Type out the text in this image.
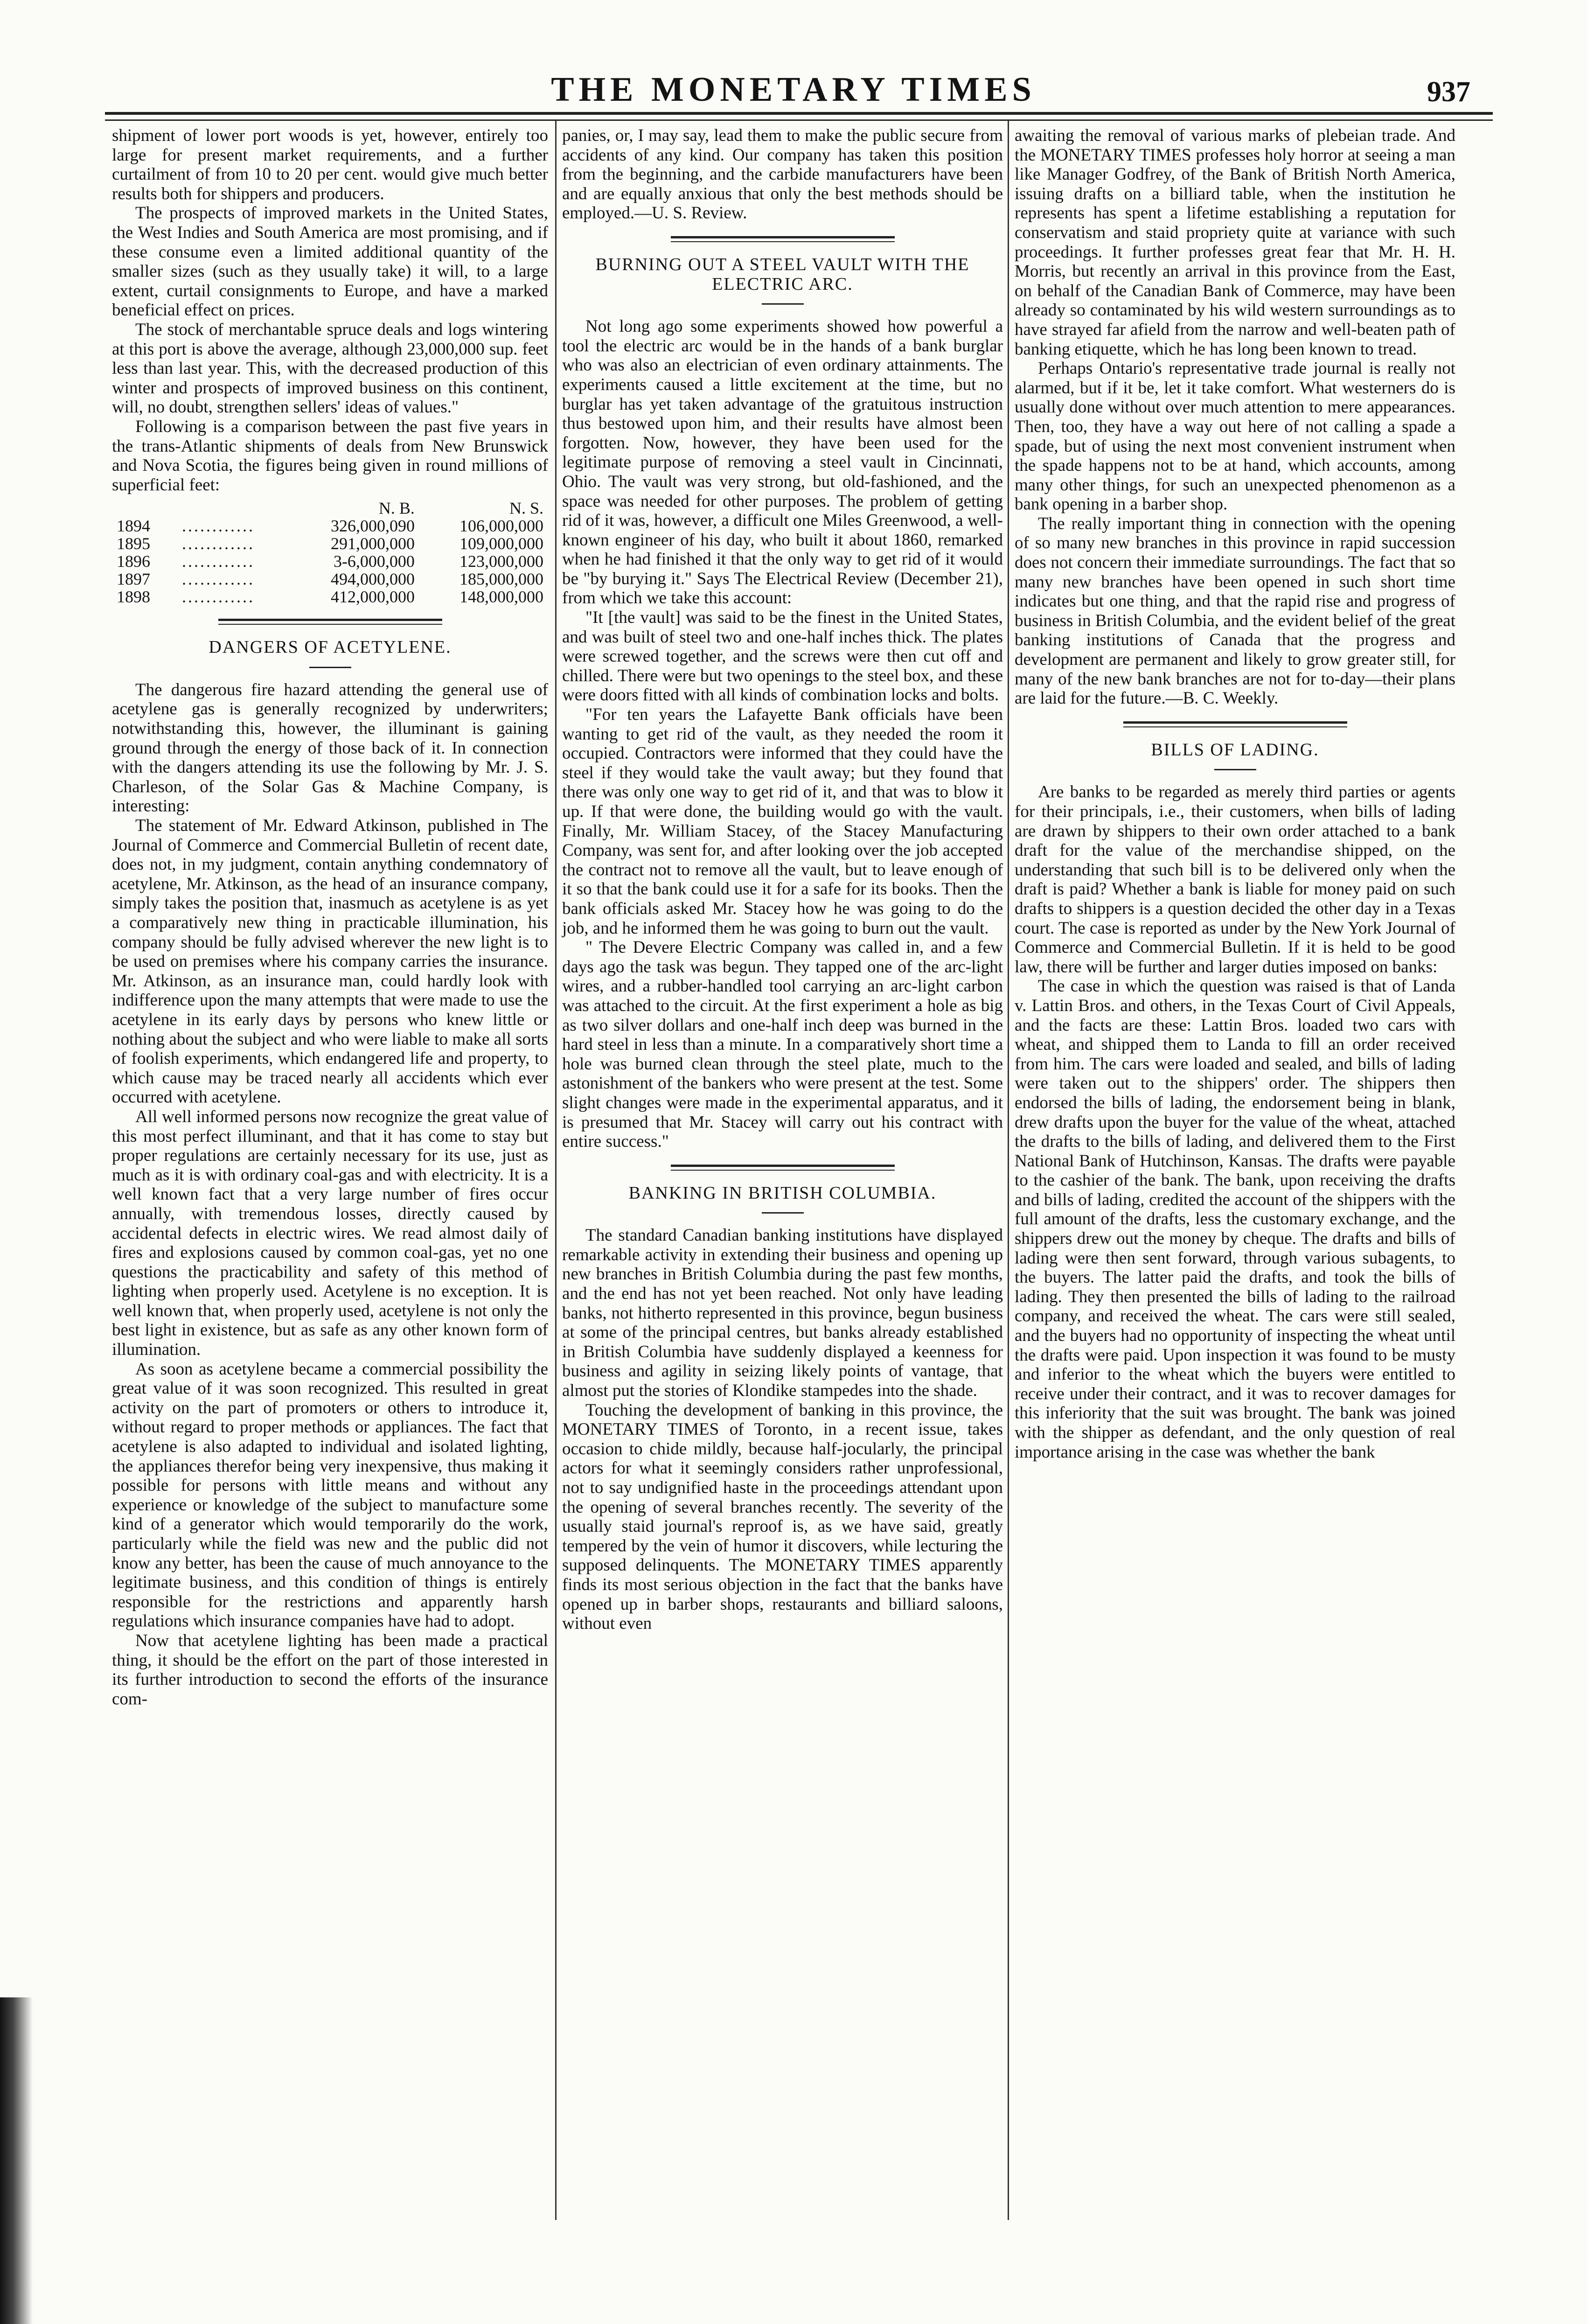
THE MONETARY TIMES	937

shipment of lower port woods is yet, however, entirely too large for present market requirements, and a further curtailment of from 10 to 20 per cent. would give much better results both for shippers and producers.

The prospects of improved markets in the United States, the West Indies and South America are most promising, and if these consume even a limited additional quantity of the smaller sizes (such as they usually take) it will, to a large extent, curtail consignments to Europe, and have a marked beneficial effect on prices.

The stock of merchantable spruce deals and logs wintering at this port is above the average, although 23,000,000 sup. feet less than last year. This, with the decreased production of this winter and prospects of improved business on this continent, will, no doubt, strengthen sellers' ideas of values."

Following is a comparison between the past five years in the trans-Atlantic shipments of deals from New Brunswick and Nova Scotia, the figures being given in round millions of superficial feet:

		N. B.	N. S.
1894	............	326,000,090	106,000,000
1895	............	291,000,000	109,000,000
1896	............	3-6,000,000	123,000,000
1897	............	494,000,000	185,000,000
1898	............	412,000,000	148,000,000
DANGERS OF ACETYLENE.

The dangerous fire hazard attending the general use of acetylene gas is generally recognized by underwriters; notwithstanding this, however, the illuminant is gaining ground through the energy of those back of it. In connection with the dangers attending its use the following by Mr. J. S. Charleson, of the Solar Gas & Machine Company, is interesting:

The statement of Mr. Edward Atkinson, published in The Journal of Commerce and Commercial Bulletin of recent date, does not, in my judgment, contain anything condemnatory of acetylene, Mr. Atkinson, as the head of an insurance company, simply takes the position that, inasmuch as acetylene is as yet a comparatively new thing in practicable illumination, his company should be fully advised wherever the new light is to be used on premises where his company carries the insurance. Mr. Atkinson, as an insurance man, could hardly look with indifference upon the many attempts that were made to use the acetylene in its early days by persons who knew little or nothing about the subject and who were liable to make all sorts of foolish experiments, which endangered life and property, to which cause may be traced nearly all accidents which ever occurred with acetylene.

All well informed persons now recognize the great value of this most perfect illuminant, and that it has come to stay but proper regulations are certainly necessary for its use, just as much as it is with ordinary coal-gas and with electricity. It is a well known fact that a very large number of fires occur annually, with tremendous losses, directly caused by accidental defects in electric wires. We read almost daily of fires and explosions caused by common coal-gas, yet no one questions the practicability and safety of this method of lighting when properly used. Acetylene is no exception. It is well known that, when properly used, acetylene is not only the best light in existence, but as safe as any other known form of illumination.

As soon as acetylene became a commercial possibility the great value of it was soon recognized. This resulted in great activity on the part of promoters or others to introduce it, without regard to proper methods or appliances. The fact that acetylene is also adapted to individual and isolated lighting, the appliances therefor being very inexpensive, thus making it possible for persons with little means and without any experience or knowledge of the subject to manufacture some kind of a generator which would temporarily do the work, particularly while the field was new and the public did not know any better, has been the cause of much annoyance to the legitimate business, and this condition of things is entirely responsible for the restrictions and apparently harsh regulations which insurance companies have had to adopt.

Now that acetylene lighting has been made a practical thing, it should be the effort on the part of those interested in its further introduction to second the efforts of the insurance com-

panies, or, I may say, lead them to make the public secure from accidents of any kind. Our company has taken this position from the beginning, and the carbide manufacturers have been and are equally anxious that only the best methods should be employed.—U. S. Review.

BURNING OUT A STEEL VAULT WITH THE ELECTRIC ARC.

Not long ago some experiments showed how powerful a tool the electric arc would be in the hands of a bank burglar who was also an electrician of even ordinary attainments. The experiments caused a little excitement at the time, but no burglar has yet taken advantage of the gratuitous instruction thus bestowed upon him, and their results have almost been forgotten. Now, however, they have been used for the legitimate purpose of removing a steel vault in Cincinnati, Ohio. The vault was very strong, but old-fashioned, and the space was needed for other purposes. The problem of getting rid of it was, however, a difficult one Miles Greenwood, a well-known engineer of his day, who built it about 1860, remarked when he had finished it that the only way to get rid of it would be "by burying it." Says The Electrical Review (December 21), from which we take this account:

"It [the vault] was said to be the finest in the United States, and was built of steel two and one-half inches thick. The plates were screwed together, and the screws were then cut off and chilled. There were but two openings to the steel box, and these were doors fitted with all kinds of combination locks and bolts.

"For ten years the Lafayette Bank officials have been wanting to get rid of the vault, as they needed the room it occupied. Contractors were informed that they could have the steel if they would take the vault away; but they found that there was only one way to get rid of it, and that was to blow it up. If that were done, the building would go with the vault. Finally, Mr. William Stacey, of the Stacey Manufacturing Company, was sent for, and after looking over the job accepted the contract not to remove all the vault, but to leave enough of it so that the bank could use it for a safe for its books. Then the bank officials asked Mr. Stacey how he was going to do the job, and he informed them he was going to burn out the vault.

" The Devere Electric Company was called in, and a few days ago the task was begun. They tapped one of the arc-light wires, and a rubber-handled tool carrying an arc-light carbon was attached to the circuit. At the first experiment a hole as big as two silver dollars and one-half inch deep was burned in the hard steel in less than a minute. In a comparatively short time a hole was burned clean through the steel plate, much to the astonishment of the bankers who were present at the test. Some slight changes were made in the experimental apparatus, and it is presumed that Mr. Stacey will carry out his contract with entire success."

BANKING IN BRITISH COLUMBIA.

The standard Canadian banking institutions have displayed remarkable activity in extending their business and opening up new branches in British Columbia during the past few months, and the end has not yet been reached. Not only have leading banks, not hitherto represented in this province, begun business at some of the principal centres, but banks already established in British Columbia have suddenly displayed a keenness for business and agility in seizing likely points of vantage, that almost put the stories of Klondike stampedes into the shade.

Touching the development of banking in this province, the MONETARY TIMES of Toronto, in a recent issue, takes occasion to chide mildly, because half-jocularly, the principal actors for what it seemingly considers rather unprofessional, not to say undignified haste in the proceedings attendant upon the opening of several branches recently. The severity of the usually staid journal's reproof is, as we have said, greatly tempered by the vein of humor it discovers, while lecturing the supposed delinquents. The MONETARY TIMES apparently finds its most serious objection in the fact that the banks have opened up in barber shops, restaurants and billiard saloons, without even

awaiting the removal of various marks of plebeian trade. And the MONETARY TIMES professes holy horror at seeing a man like Manager Godfrey, of the Bank of British North America, issuing drafts on a billiard table, when the institution he represents has spent a lifetime establishing a reputation for conservatism and staid propriety quite at variance with such proceedings. It further professes great fear that Mr. H. H. Morris, but recently an arrival in this province from the East, on behalf of the Canadian Bank of Commerce, may have been already so contaminated by his wild western surroundings as to have strayed far afield from the narrow and well-beaten path of banking etiquette, which he has long been known to tread.

Perhaps Ontario's representative trade journal is really not alarmed, but if it be, let it take comfort. What westerners do is usually done without over much attention to mere appearances. Then, too, they have a way out here of not calling a spade a spade, but of using the next most convenient instrument when the spade happens not to be at hand, which accounts, among many other things, for such an unexpected phenomenon as a bank opening in a barber shop.

The really important thing in connection with the opening of so many new branches in this province in rapid succession does not concern their immediate surroundings. The fact that so many new branches have been opened in such short time indicates but one thing, and that the rapid rise and progress of business in British Columbia, and the evident belief of the great banking institutions of Canada that the progress and development are permanent and likely to grow greater still, for many of the new bank branches are not for to-day—their plans are laid for the future.—B. C. Weekly.

BILLS OF LADING.

Are banks to be regarded as merely third parties or agents for their principals, i.e., their customers, when bills of lading are drawn by shippers to their own order attached to a bank draft for the value of the merchandise shipped, on the understanding that such bill is to be delivered only when the draft is paid? Whether a bank is liable for money paid on such drafts to shippers is a question decided the other day in a Texas court. The case is reported as under by the New York Journal of Commerce and Commercial Bulletin. If it is held to be good law, there will be further and larger duties imposed on banks:

The case in which the question was raised is that of Landa v. Lattin Bros. and others, in the Texas Court of Civil Appeals, and the facts are these: Lattin Bros. loaded two cars with wheat, and shipped them to Landa to fill an order received from him. The cars were loaded and sealed, and bills of lading were taken out to the shippers' order. The shippers then endorsed the bills of lading, the endorsement being in blank, drew drafts upon the buyer for the value of the wheat, attached the drafts to the bills of lading, and delivered them to the First National Bank of Hutchinson, Kansas. The drafts were payable to the cashier of the bank. The bank, upon receiving the drafts and bills of lading, credited the account of the shippers with the full amount of the drafts, less the customary exchange, and the shippers drew out the money by cheque. The drafts and bills of lading were then sent forward, through various subagents, to the buyers. The latter paid the drafts, and took the bills of lading. They then presented the bills of lading to the railroad company, and received the wheat. The cars were still sealed, and the buyers had no opportunity of inspecting the wheat until the drafts were paid. Upon inspection it was found to be musty and inferior to the wheat which the buyers were entitled to receive under their contract, and it was to recover damages for this inferiority that the suit was brought. The bank was joined with the shipper as defendant, and the only question of real importance arising in the case was whether the bank
